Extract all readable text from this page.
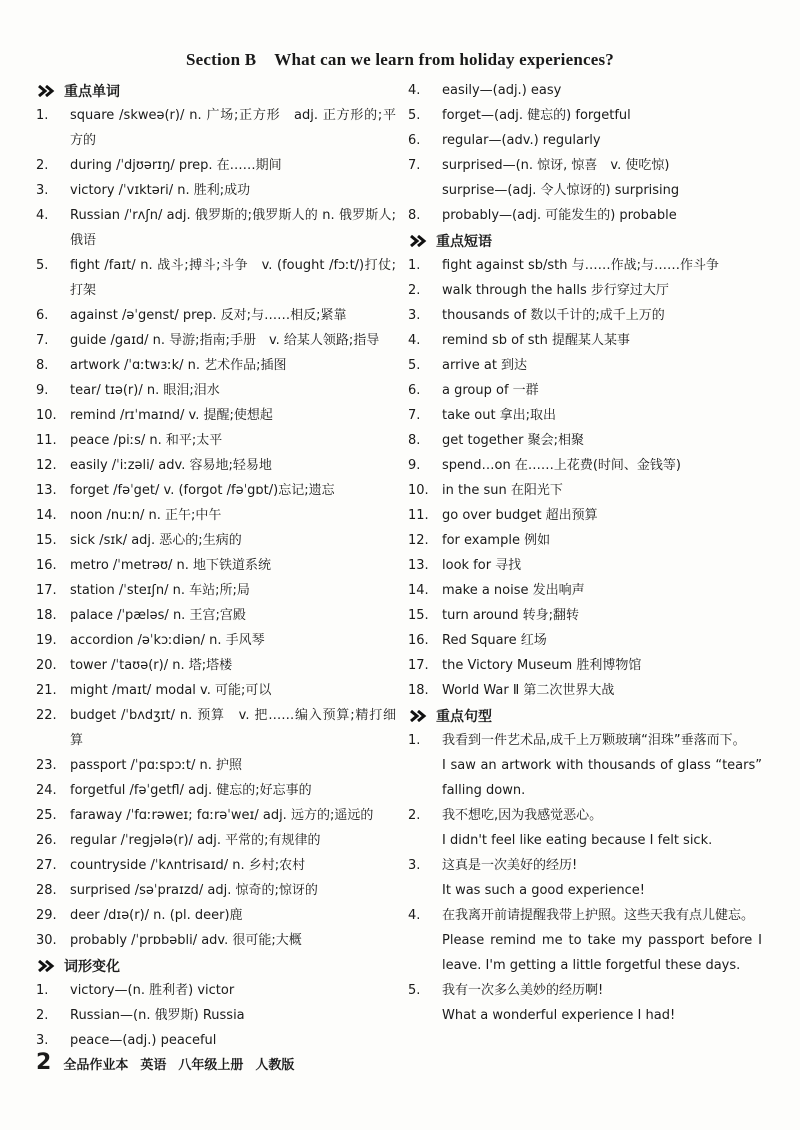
Section B What can we learn from holiday experiences?
重点单词
1.	square /skweə(r)/ n. 广场;正方形　adj. 正方形的;平方的
2.	during /ˈdjʊərɪŋ/ prep. 在……期间
3.	victory /ˈvɪktəri/ n. 胜利;成功
4.	Russian /ˈrʌʃn/ adj. 俄罗斯的;俄罗斯人的 n. 俄罗斯人;俄语
5.	fight /faɪt/ n. 战斗;搏斗;斗争　v. (fought /fɔːt/)打仗;打架
6.	against /əˈgenst/ prep. 反对;与……相反;紧靠
7.	guide /gaɪd/ n. 导游;指南;手册　v. 给某人领路;指导
8.	artwork /ˈɑːtwɜːk/ n. 艺术作品;插图
9.	tear/ tɪə(r)/ n. 眼泪;泪水
10.	remind /rɪˈmaɪnd/ v. 提醒;使想起
11.	peace /piːs/ n. 和平;太平
12.	easily /ˈiːzəli/ adv. 容易地;轻易地
13.	forget /fəˈget/ v. (forgot /fəˈgɒt/)忘记;遗忘
14.	noon /nuːn/ n. 正午;中午
15.	sick /sɪk/ adj. 恶心的;生病的
16.	metro /ˈmetrəʊ/ n. 地下铁道系统
17.	station /ˈsteɪʃn/ n. 车站;所;局
18.	palace /ˈpæləs/ n. 王宫;宫殿
19.	accordion /əˈkɔːdiən/ n. 手风琴
20.	tower /ˈtaʊə(r)/ n. 塔;塔楼
21.	might /maɪt/ modal v. 可能;可以
22.	budget /ˈbʌdʒɪt/ n. 预算　v. 把……编入预算;精打细算
23.	passport /ˈpɑːspɔːt/ n. 护照
24.	forgetful /fəˈgetfl/ adj. 健忘的;好忘事的
25.	faraway /ˈfɑːrəweɪ; fɑːrəˈweɪ/ adj. 远方的;遥远的
26.	regular /ˈregjələ(r)/ adj. 平常的;有规律的
27.	countryside /ˈkʌntrisaɪd/ n. 乡村;农村
28.	surprised /səˈpraɪzd/ adj. 惊奇的;惊讶的
29.	deer /dɪə(r)/ n. (pl. deer)鹿
30.	probably /ˈprɒbəbli/ adv. 很可能;大概
词形变化
1.	victory—(n. 胜利者) victor
2.	Russian—(n. 俄罗斯) Russia
3.	peace—(adj.) peaceful
4.	easily—(adj.) easy
5.	forget—(adj. 健忘的) forgetful
6.	regular—(adv.) regularly
7.	surprised—(n. 惊讶, 惊喜　v. 使吃惊)
surprise—(adj. 令人惊讶的) surprising
8.	probably—(adj. 可能发生的) probable
重点短语
1.	fight against sb/sth 与……作战;与……作斗争
2.	walk through the halls 步行穿过大厅
3.	thousands of 数以千计的;成千上万的
4.	remind sb of sth 提醒某人某事
5.	arrive at 到达
6.	a group of 一群
7.	take out 拿出;取出
8.	get together 聚会;相聚
9.	spend…on 在……上花费(时间、金钱等)
10.	in the sun 在阳光下
11.	go over budget 超出预算
12.	for example 例如
13.	look for 寻找
14.	make a noise 发出响声
15.	turn around 转身;翻转
16.	Red Square 红场
17.	the Victory Museum 胜利博物馆
18.	World War Ⅱ 第二次世界大战
重点句型
1.	我看到一件艺术品,成千上万颗玻璃“泪珠”垂落而下。
I saw an artwork with thousands of glass “tears” falling down.
2.	我不想吃,因为我感觉恶心。
I didn't feel like eating because I felt sick.
3.	这真是一次美好的经历!
It was such a good experience!
4.	在我离开前请提醒我带上护照。这些天我有点儿健忘。
Please remind me to take my passport before I leave. I'm getting a little forgetful these days.
5.	我有一次多么美妙的经历啊!
What a wonderful experience I had!
2 全品作业本 英语 八年级上册 人教版
